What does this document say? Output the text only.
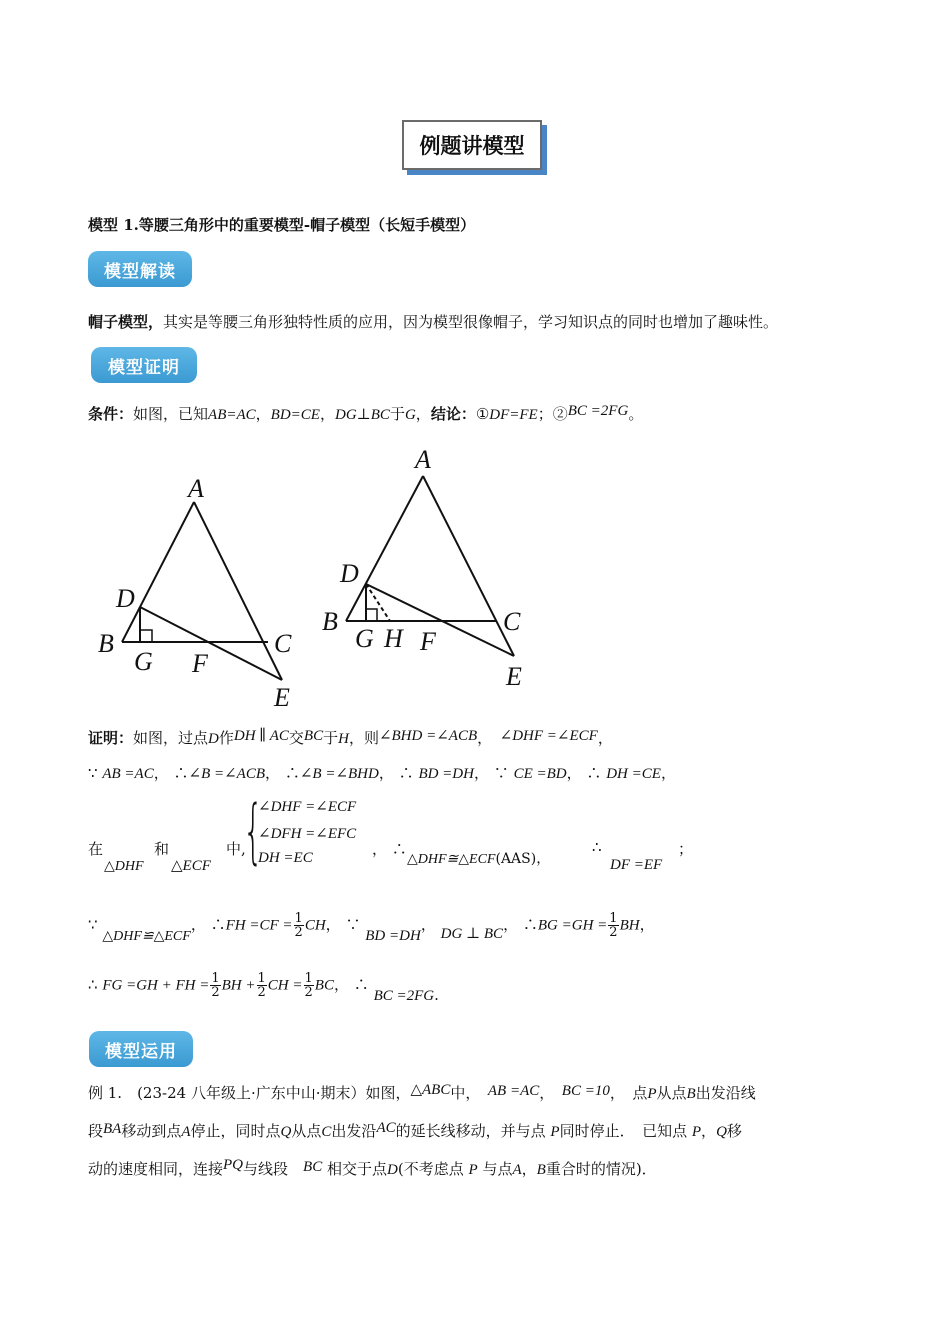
例题讲模型
模型 1.等腰三角形中的重要模型-帽子模型（长短手模型）
模型解读
帽子模型，其实是等腰三角形独特性质的应用，因为模型很像帽子，学习知识点的同时也增加了趣味性。
模型证明
条件：如图，已知AB=AC，BD=CE，DG⊥BC于G，结论：①DF=FE；②BC =2FG。
A
D
B
G F
C
E
A
D
B
G H F
C
E
证明：如图，过点D作DH ∥ AC交BC于H，则∠BHD =∠ACB，　 ∠DHF =∠ECF，
∵ AB =AC， ∴∠B =∠ACB， ∴∠B =∠BHD， ∴ BD =DH， ∵ CE =BD， ∴ DH =CE，
在
△DHF
和
△ECF
中,
{
∠DHF =∠ECF
∠DFH =∠EFC
DH =EC	， ∴
△DHF≅△ECF(AAS)，
∴
DF =EF
；
∵ △DHF≌△ECF， ∴FH $=CF = \frac{1}{2}$ CH， ∵ BD =DH， DG ⊥ BC， ∴BG $=GH = \frac{1}{2}$ BH，
∴ FG =GH + FH = $\frac{1}{2}$ BH + $\frac{1}{2}$ CH = $\frac{1}{2}$ BC， ∴ BC =2FG.
模型运用
例 1.　(23-24 八年级上·广东中山·期末）如图，△ABC中，　 AB =AC，　 BC =10，　点P从点B出发沿线
段BA移动到点A停止，同时点Q从点C出发沿AC的延长线移动，并与点 P同时停止．　已知点 P，Q移
动的速度相同，连接PQ与线段　 BC 相交于点D(不考虑点 P 与点A，B重合时的情况)．
